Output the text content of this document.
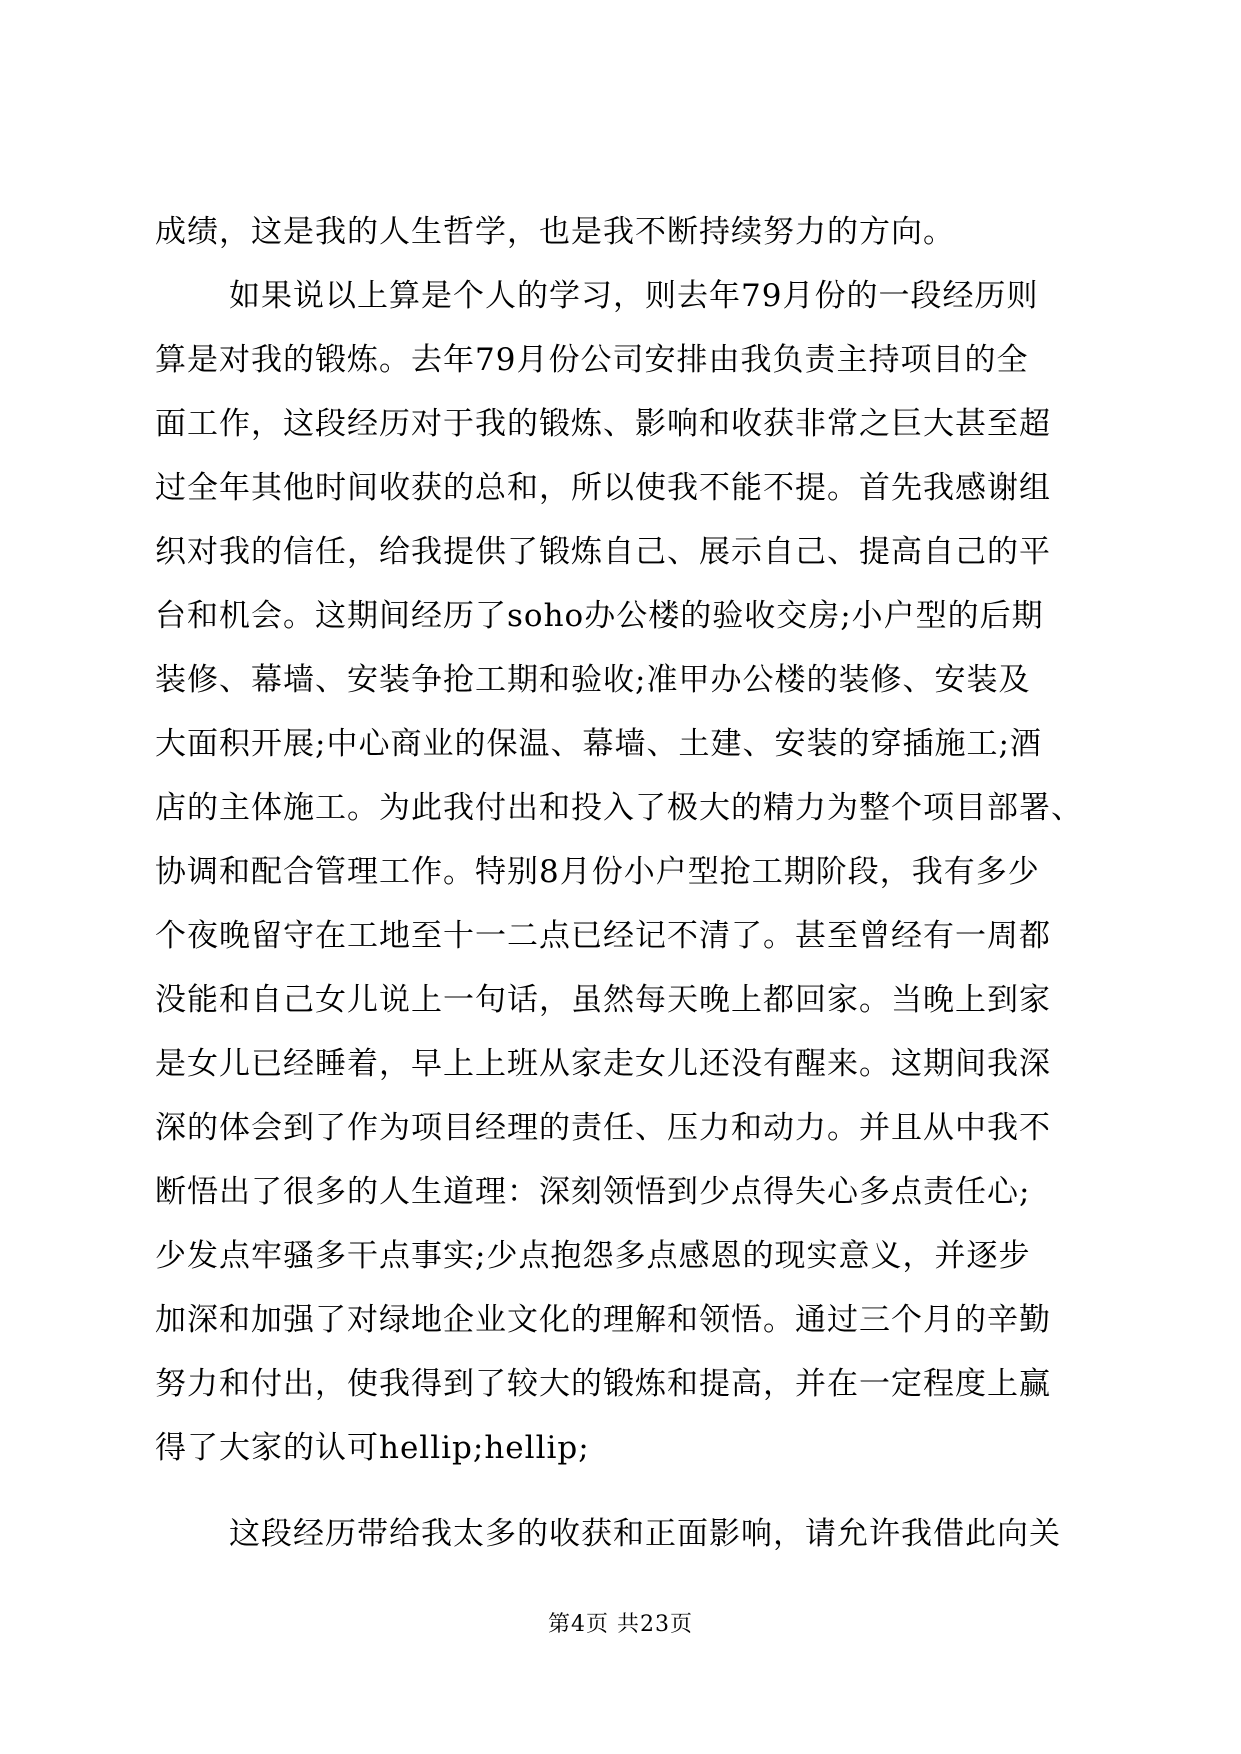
成绩，这是我的人生哲学，也是我不断持续努力的方向。
如果说以上算是个人的学习，则去年79月份的一段经历则
算是对我的锻炼。去年79月份公司安排由我负责主持项目的全
面工作，这段经历对于我的锻炼、影响和收获非常之巨大甚至超
过全年其他时间收获的总和，所以使我不能不提。首先我感谢组
织对我的信任，给我提供了锻炼自己、展示自己、提高自己的平
台和机会。这期间经历了soho办公楼的验收交房;小户型的后期
装修、幕墙、安装争抢工期和验收;准甲办公楼的装修、安装及
大面积开展;中心商业的保温、幕墙、土建、安装的穿插施工;酒
店的主体施工。为此我付出和投入了极大的精力为整个项目部署、
协调和配合管理工作。特别8月份小户型抢工期阶段，我有多少
个夜晚留守在工地至十一二点已经记不清了。甚至曾经有一周都
没能和自己女儿说上一句话，虽然每天晚上都回家。当晚上到家
是女儿已经睡着，早上上班从家走女儿还没有醒来。这期间我深
深的体会到了作为项目经理的责任、压力和动力。并且从中我不
断悟出了很多的人生道理：深刻领悟到少点得失心多点责任心;
少发点牢骚多干点事实;少点抱怨多点感恩的现实意义，并逐步
加深和加强了对绿地企业文化的理解和领悟。通过三个月的辛勤
努力和付出，使我得到了较大的锻炼和提高，并在一定程度上赢
得了大家的认可hellip;hellip;
这段经历带给我太多的收获和正面影响，请允许我借此向关
第4页 共23页
